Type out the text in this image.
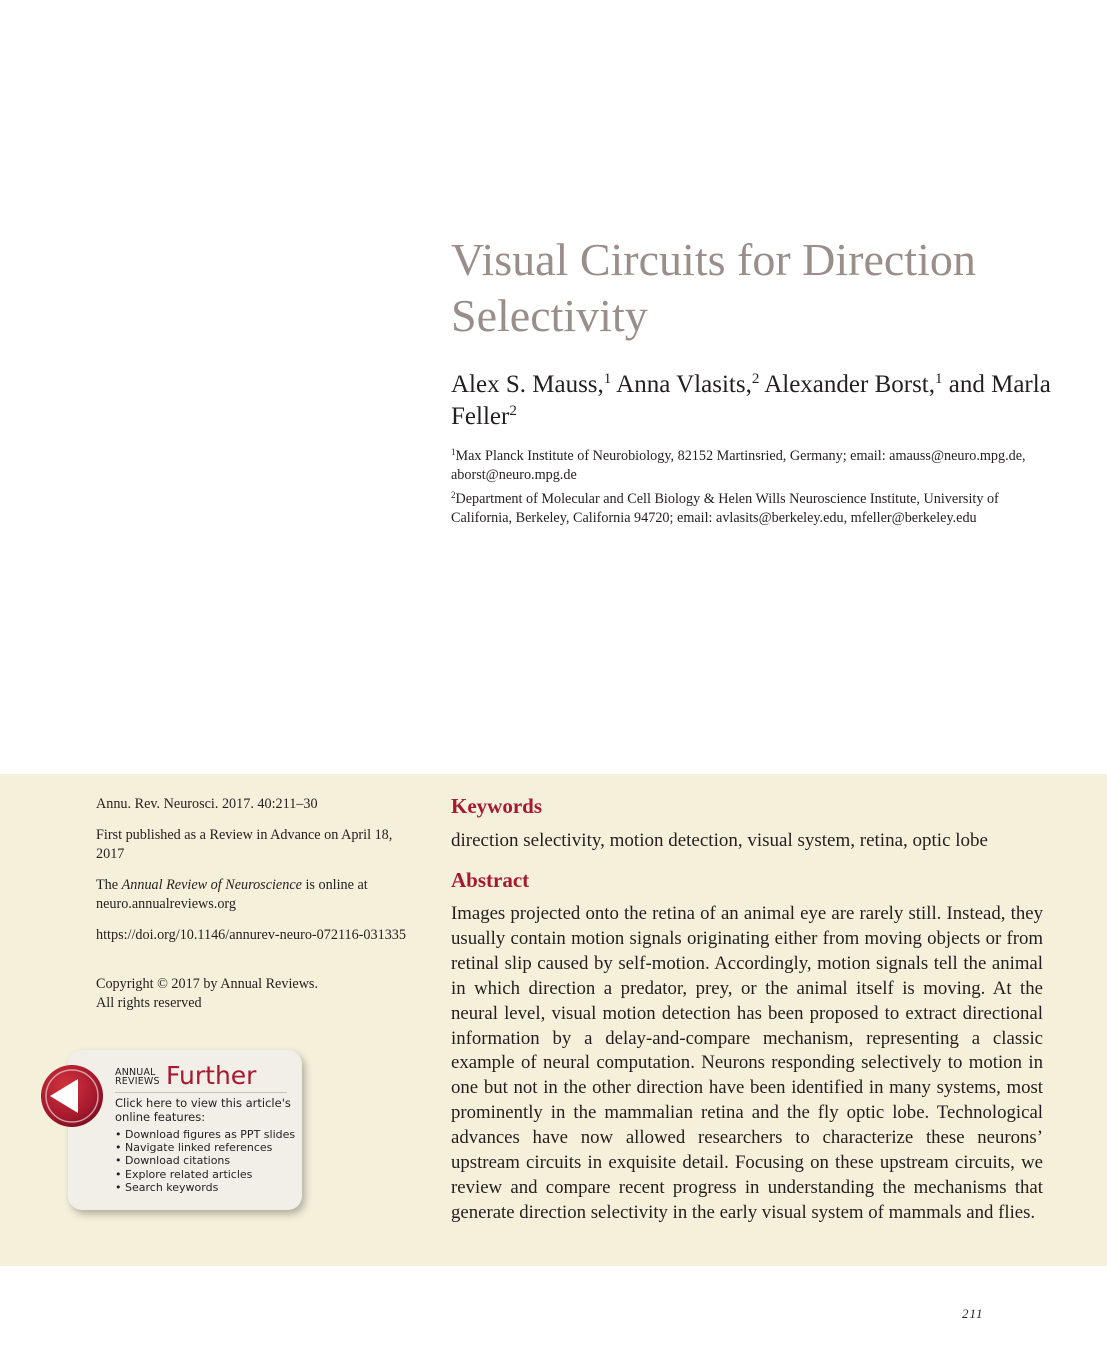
Visual Circuits for Direction Selectivity
Alex S. Mauss,$^1$ Anna Vlasits,$^2$ Alexander Borst,$^1$ and Marla Feller$^2$
$^1$Max Planck Institute of Neurobiology, 82152 Martinsried, Germany; email: amauss@neuro.mpg.de, aborst@neuro.mpg.de
$^2$Department of Molecular and Cell Biology & Helen Wills Neuroscience Institute, University of California, Berkeley, California 94720; email: avlasits@berkeley.edu, mfeller@berkeley.edu
Annu. Rev. Neurosci. 2017. 40:211–30
First published as a Review in Advance on April 18, 2017
The Annual Review of Neuroscience is online at neuro.annualreviews.org
https://doi.org/10.1146/annurev-neuro-072116-031335
Copyright © 2017 by Annual Reviews.
All rights reserved
ANNUAL
REVIEWS Further
Click here to view this article's online features:
• Download figures as PPT slides
• Navigate linked references
• Download citations
• Explore related articles
• Search keywords
Keywords
direction selectivity, motion detection, visual system, retina, optic lobe
Abstract
Images projected onto the retina of an animal eye are rarely still. Instead, they usually contain motion signals originating either from moving objects or from retinal slip caused by self-motion. Accordingly, motion signals tell the animal in which direction a predator, prey, or the animal itself is moving. At the neural level, visual motion detection has been proposed to extract directional information by a delay-and-compare mechanism, representing a classic example of neural computation. Neurons responding selectively to motion in one but not in the other direction have been identified in many systems, most prominently in the mammalian retina and the fly optic lobe. Technological advances have now allowed researchers to characterize these neurons’ upstream circuits in exquisite detail. Focusing on these upstream circuits, we review and compare recent progress in understanding the mechanisms that generate direction selectivity in the early visual system of mammals and flies.
211
